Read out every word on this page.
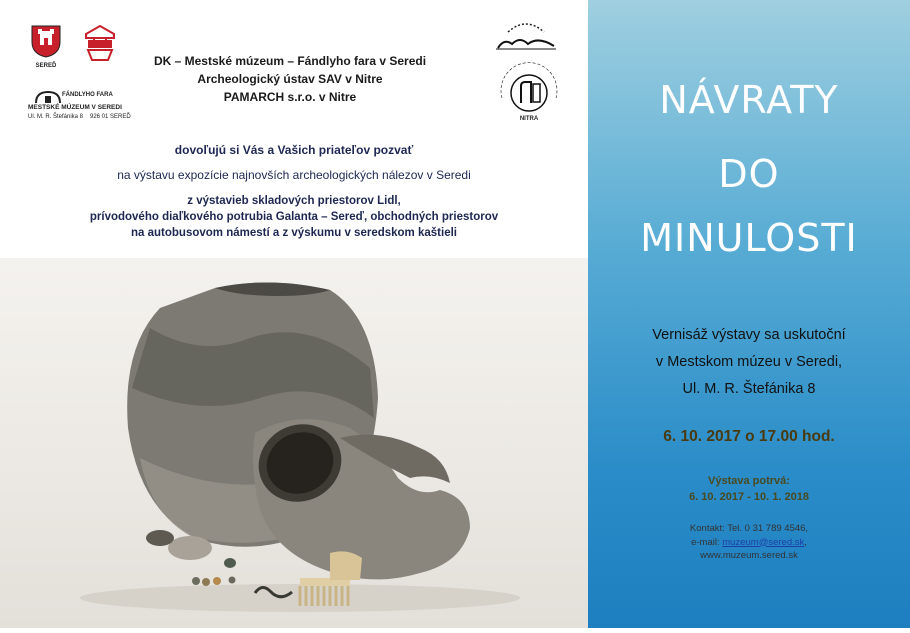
SEREĎ
FÁNDLYHO FARA
MESTSKÉ MÚZEUM V SEREDI
Ul. M. R. Štefánika 8 926 01 SEREĎ	NITRA
DK – Mestské múzeum – Fándlyho fara v Seredi
Archeologický ústav SAV v Nitre
PAMARCH s.r.o. v Nitre
dovoľujú si Vás a Vašich priateľov pozvať
na výstavu expozície najnovších archeologických nálezov v Seredi
z výstavieb skladových priestorov Lidl,
prívodového diaľkového potrubia Galanta – Sereď, obchodných priestorov
na autobusovom námestí a z výskumu v seredskom kaštieli
NÁVRATY
DO
MINULOSTI
Vernisáž výstavy sa uskutoční
v Mestskom múzeu v Seredi,
Ul. M. R. Štefánika 8
6. 10. 2017 o 17.00 hod.
Výstava potrvá:
6. 10. 2017 - 10. 1. 2018
Kontakt: Tel. 0 31 789 4546,
e-mail: muzeum@sered.sk,
www.muzeum.sered.sk
